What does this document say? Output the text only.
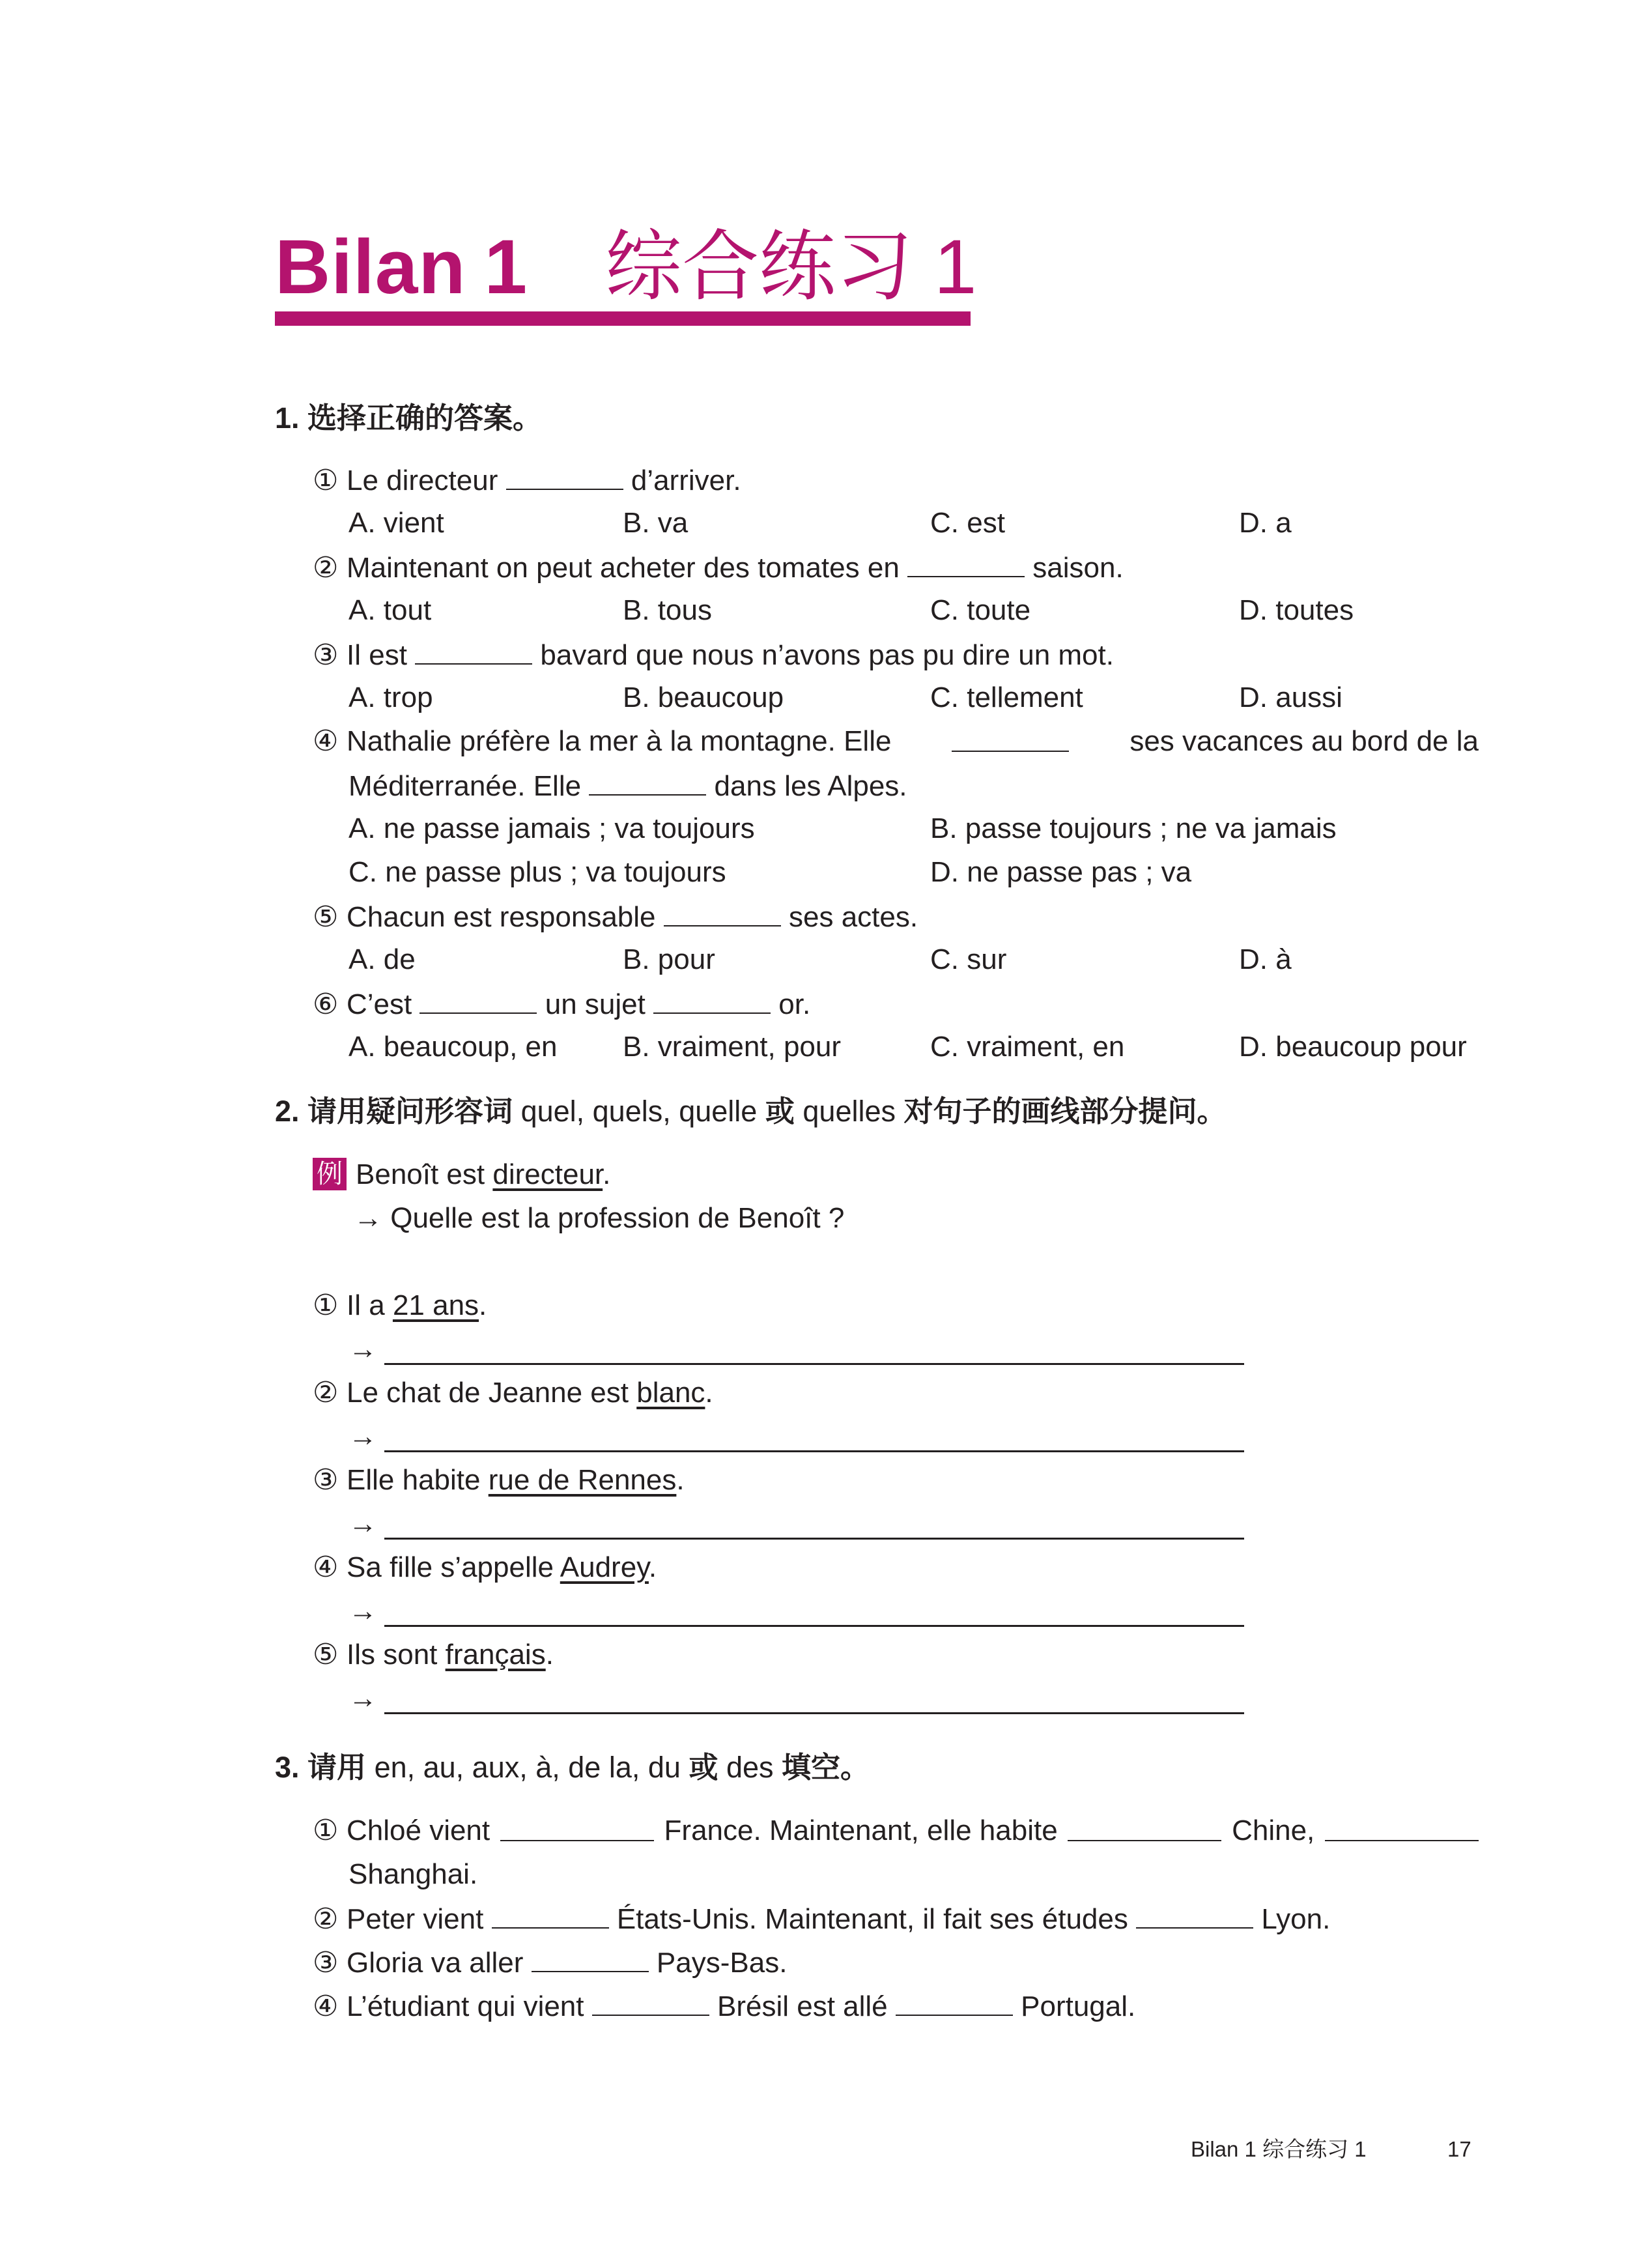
Bilan 1 综合练习 1
1. 选择正确的答案。
① Le directeur	d’arriver.
A. vient	B. va	C. est	D. a
② Maintenant on peut acheter des tomates en	saison.
A. tout	B. tous	C. toute	D. toutes
③ Il est	bavard que nous n’avons pas pu dire un mot.
A. trop	B. beaucoup	C. tellement	D. aussi
④ Nathalie préfère la mer à la montagne. Elle	ses vacances au bord de la
Méditerranée. Elle	dans les Alpes.
A. ne passe jamais ; va toujours	B. passe toujours ; ne va jamais
C. ne passe plus ; va toujours	D. ne passe pas ; va
⑤ Chacun est responsable	ses actes.
A. de	B. pour	C. sur	D. à
⑥ C’est	un sujet	or.
A. beaucoup, en B. vraiment, pour	C. vraiment, en	D. beaucoup pour
2. 请用疑问形容词 quel, quels, quelle 或 quelles 对句子的画线部分提问。
例 Benoît est directeur.
→ Quelle est la profession de Benoît ?
① Il a 21 ans.
→
② Le chat de Jeanne est blanc.
→
③ Elle habite rue de Rennes.
→
④ Sa fille s’appelle Audrey.
→
⑤ Ils sont français.
→
3. 请用 en, au, aux, à, de la, du 或 des 填空。
① Chloé vient	France. Maintenant, elle habite	Chine,
Shanghai.
② Peter vient	États-Unis. Maintenant, il fait ses études	Lyon.
③ Gloria va aller	Pays-Bas.
④ L’étudiant qui vient	Brésil est allé	Portugal.
Bilan 1 综合练习 1	17
